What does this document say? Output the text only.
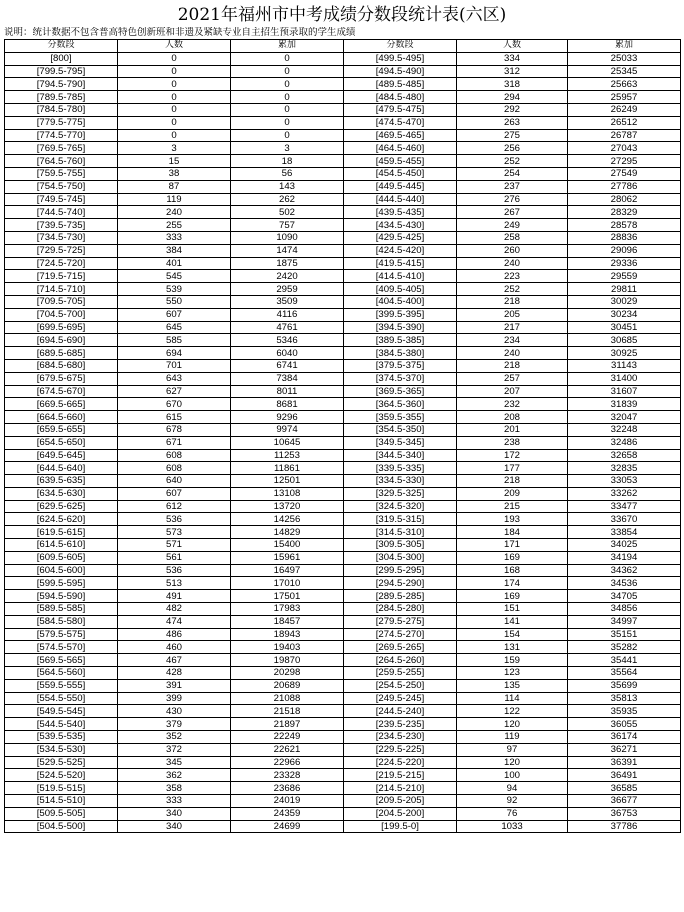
2021年福州市中考成绩分数段统计表(六区)
说明：统计数据不包含普高特色创新班和非遗及紧缺专业自主招生预录取的学生成绩
分数段	人数	累加	分数段	人数	累加
[800]	0	0	[499.5-495]	334	25033
[799.5-795]	0	0	[494.5-490]	312	25345
[794.5-790]	0	0	[489.5-485]	318	25663
[789.5-785]	0	0	[484.5-480]	294	25957
[784.5-780]	0	0	[479.5-475]	292	26249
[779.5-775]	0	0	[474.5-470]	263	26512
[774.5-770]	0	0	[469.5-465]	275	26787
[769.5-765]	3	3	[464.5-460]	256	27043
[764.5-760]	15	18	[459.5-455]	252	27295
[759.5-755]	38	56	[454.5-450]	254	27549
[754.5-750]	87	143	[449.5-445]	237	27786
[749.5-745]	119	262	[444.5-440]	276	28062
[744.5-740]	240	502	[439.5-435]	267	28329
[739.5-735]	255	757	[434.5-430]	249	28578
[734.5-730]	333	1090	[429.5-425]	258	28836
[729.5-725]	384	1474	[424.5-420]	260	29096
[724.5-720]	401	1875	[419.5-415]	240	29336
[719.5-715]	545	2420	[414.5-410]	223	29559
[714.5-710]	539	2959	[409.5-405]	252	29811
[709.5-705]	550	3509	[404.5-400]	218	30029
[704.5-700]	607	4116	[399.5-395]	205	30234
[699.5-695]	645	4761	[394.5-390]	217	30451
[694.5-690]	585	5346	[389.5-385]	234	30685
[689.5-685]	694	6040	[384.5-380]	240	30925
[684.5-680]	701	6741	[379.5-375]	218	31143
[679.5-675]	643	7384	[374.5-370]	257	31400
[674.5-670]	627	8011	[369.5-365]	207	31607
[669.5-665]	670	8681	[364.5-360]	232	31839
[664.5-660]	615	9296	[359.5-355]	208	32047
[659.5-655]	678	9974	[354.5-350]	201	32248
[654.5-650]	671	10645	[349.5-345]	238	32486
[649.5-645]	608	11253	[344.5-340]	172	32658
[644.5-640]	608	11861	[339.5-335]	177	32835
[639.5-635]	640	12501	[334.5-330]	218	33053
[634.5-630]	607	13108	[329.5-325]	209	33262
[629.5-625]	612	13720	[324.5-320]	215	33477
[624.5-620]	536	14256	[319.5-315]	193	33670
[619.5-615]	573	14829	[314.5-310]	184	33854
[614.5-610]	571	15400	[309.5-305]	171	34025
[609.5-605]	561	15961	[304.5-300]	169	34194
[604.5-600]	536	16497	[299.5-295]	168	34362
[599.5-595]	513	17010	[294.5-290]	174	34536
[594.5-590]	491	17501	[289.5-285]	169	34705
[589.5-585]	482	17983	[284.5-280]	151	34856
[584.5-580]	474	18457	[279.5-275]	141	34997
[579.5-575]	486	18943	[274.5-270]	154	35151
[574.5-570]	460	19403	[269.5-265]	131	35282
[569.5-565]	467	19870	[264.5-260]	159	35441
[564.5-560]	428	20298	[259.5-255]	123	35564
[559.5-555]	391	20689	[254.5-250]	135	35699
[554.5-550]	399	21088	[249.5-245]	114	35813
[549.5-545]	430	21518	[244.5-240]	122	35935
[544.5-540]	379	21897	[239.5-235]	120	36055
[539.5-535]	352	22249	[234.5-230]	119	36174
[534.5-530]	372	22621	[229.5-225]	97	36271
[529.5-525]	345	22966	[224.5-220]	120	36391
[524.5-520]	362	23328	[219.5-215]	100	36491
[519.5-515]	358	23686	[214.5-210]	94	36585
[514.5-510]	333	24019	[209.5-205]	92	36677
[509.5-505]	340	24359	[204.5-200]	76	36753
[504.5-500]	340	24699	[199.5-0]	1033	37786
